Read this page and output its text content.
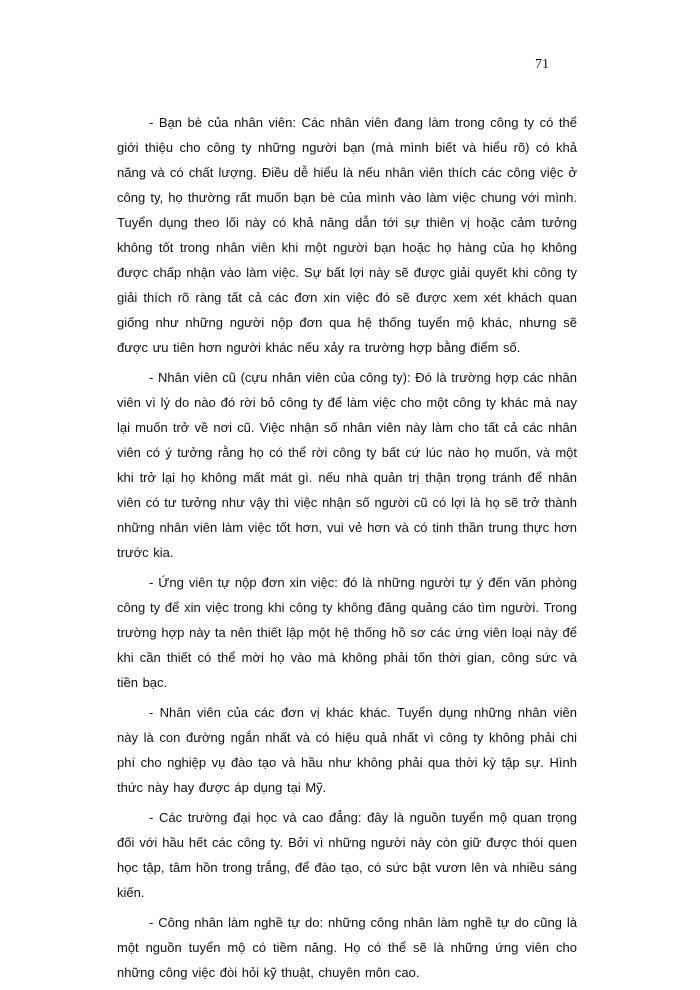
71

- Bạn bè của nhân viên: Các nhân viên đang làm trong công ty có thể giới thiệu cho công ty những người bạn (mà mình biết và hiểu rõ) có khả năng và có chất lượng. Điều dễ hiểu là nếu nhân viên thích các công việc ở công ty, họ thường rất muốn bạn bè của mình vào làm việc chung với mình. Tuyển dụng theo lối này có khả năng dẫn tới sự thiên vị hoặc cảm tưởng không tốt trong nhân viên khi một người bạn hoặc họ hàng của họ không được chấp nhận vào làm việc. Sự bất lợi này sẽ được giải quyết khi công ty giải thích rõ ràng tất cả các đơn xin việc đó sẽ được xem xét khách quan giống như những người nộp đơn qua hệ thống tuyển mộ khác, nhưng sẽ được ưu tiên hơn người khác nếu xảy ra trường hợp bằng điểm số.

- Nhân viên cũ (cựu nhân viên của công ty): Đó là trường hợp các nhân viên vì lý do nào đó rời bỏ công ty để làm việc cho một công ty khác mà nay lại muốn trở về nơi cũ. Việc nhận số nhân viên này làm cho tất cả các nhân viên có ý tưởng rằng họ có thể rời công ty bất cứ lúc nào họ muốn, và một khi trở lại họ không mất mát gì. nếu nhà quản trị thận trọng tránh để nhân viên có tư tưởng như vậy thì việc nhận số người cũ có lợi là họ sẽ trở thành những nhân viên làm việc tốt hơn, vui vẻ hơn và có tinh thần trung thực hơn trước kia.

- Ứng viên tự nộp đơn xin việc: đó là những người tự ý đến văn phòng công ty để xin việc trong khi công ty không đăng quảng cáo tìm người. Trong trường hợp này ta nên thiết lập một hệ thống hồ sơ các ứng viên loại này để khi cần thiết có thể mời họ vào mà không phải tốn thời gian, công sức và tiền bạc.

- Nhân viên của các đơn vị khác khác. Tuyển dụng những nhân viên này là con đường ngắn nhất và có hiệu quả nhất vì công ty không phải chi phí cho nghiệp vụ đào tạo và hầu như không phải qua thời kỳ tập sự. Hình thức này hay được áp dụng tại Mỹ.

- Các trường đại học và cao đẳng: đây là nguồn tuyển mộ quan trọng đối với hầu hết các công ty. Bởi vì những người này còn giữ được thói quen học tập, tâm hồn trong trắng, để đào tạo, có sức bật vươn lên và nhiều sáng kiến.

- Công nhân làm nghề tự do: những công nhân làm nghề tự do cũng là một nguồn tuyển mộ có tiềm năng. Họ có thể sẽ là những ứng viên cho những công việc đòi hỏi kỹ thuật, chuyên môn cao.
